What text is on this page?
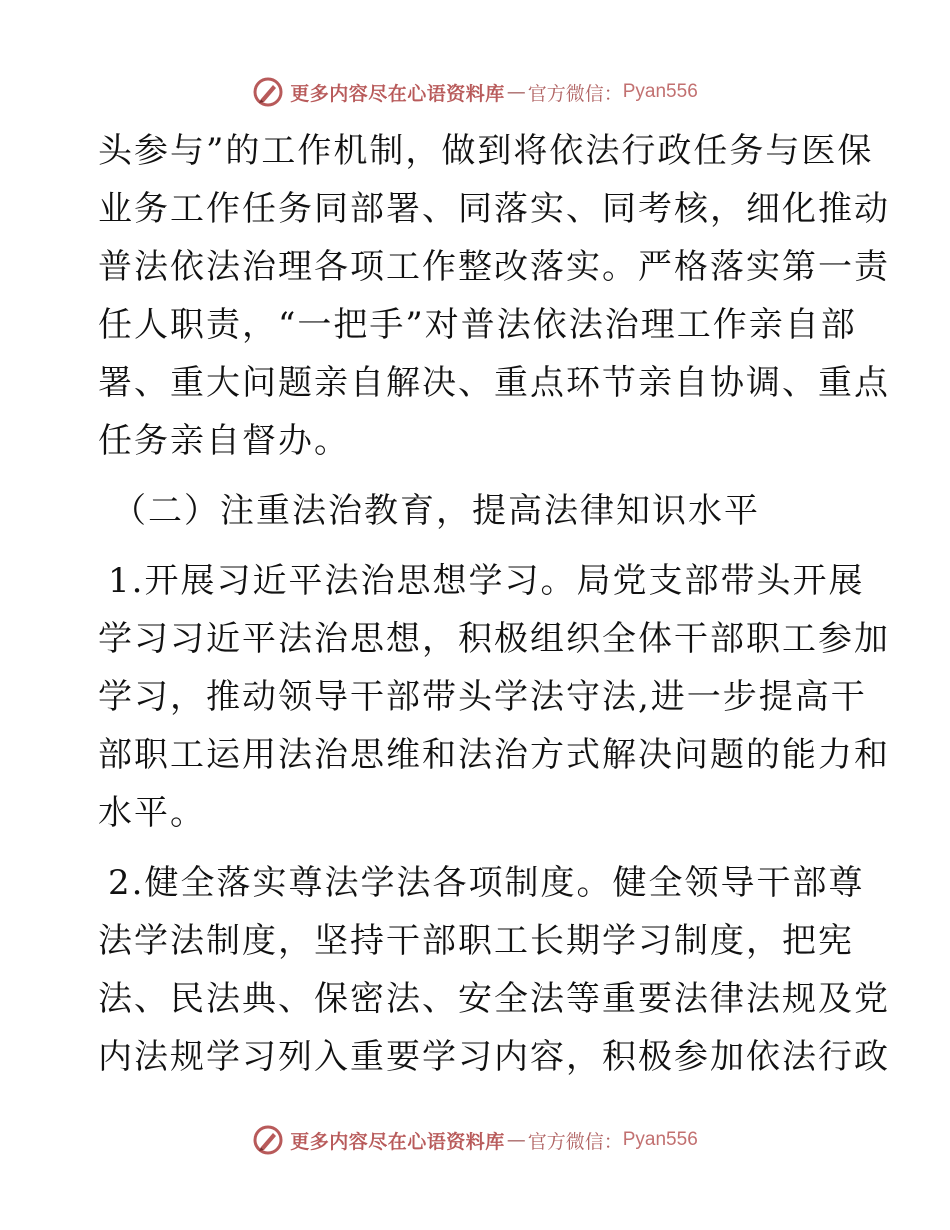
更多内容尽在心语资料库 — 官方微信： Pyan556
头参与”的工作机制，做到将依法行政任务与医保
业务工作任务同部署、同落实、同考核，细化推动
普法依法治理各项工作整改落实。严格落实第一责
任人职责，“一把手”对普法依法治理工作亲自部
署、重大问题亲自解决、重点环节亲自协调、重点
任务亲自督办。
（二）注重法治教育，提高法律知识水平
1.开展习近平法治思想学习。局党支部带头开展
学习习近平法治思想，积极组织全体干部职工参加
学习，推动领导干部带头学法守法,进一步提高干
部职工运用法治思维和法治方式解决问题的能力和
水平。
2.健全落实尊法学法各项制度。健全领导干部尊
法学法制度，坚持干部职工长期学习制度，把宪
法、民法典、保密法、安全法等重要法律法规及党
内法规学习列入重要学习内容，积极参加依法行政
更多内容尽在心语资料库 — 官方微信： Pyan556
